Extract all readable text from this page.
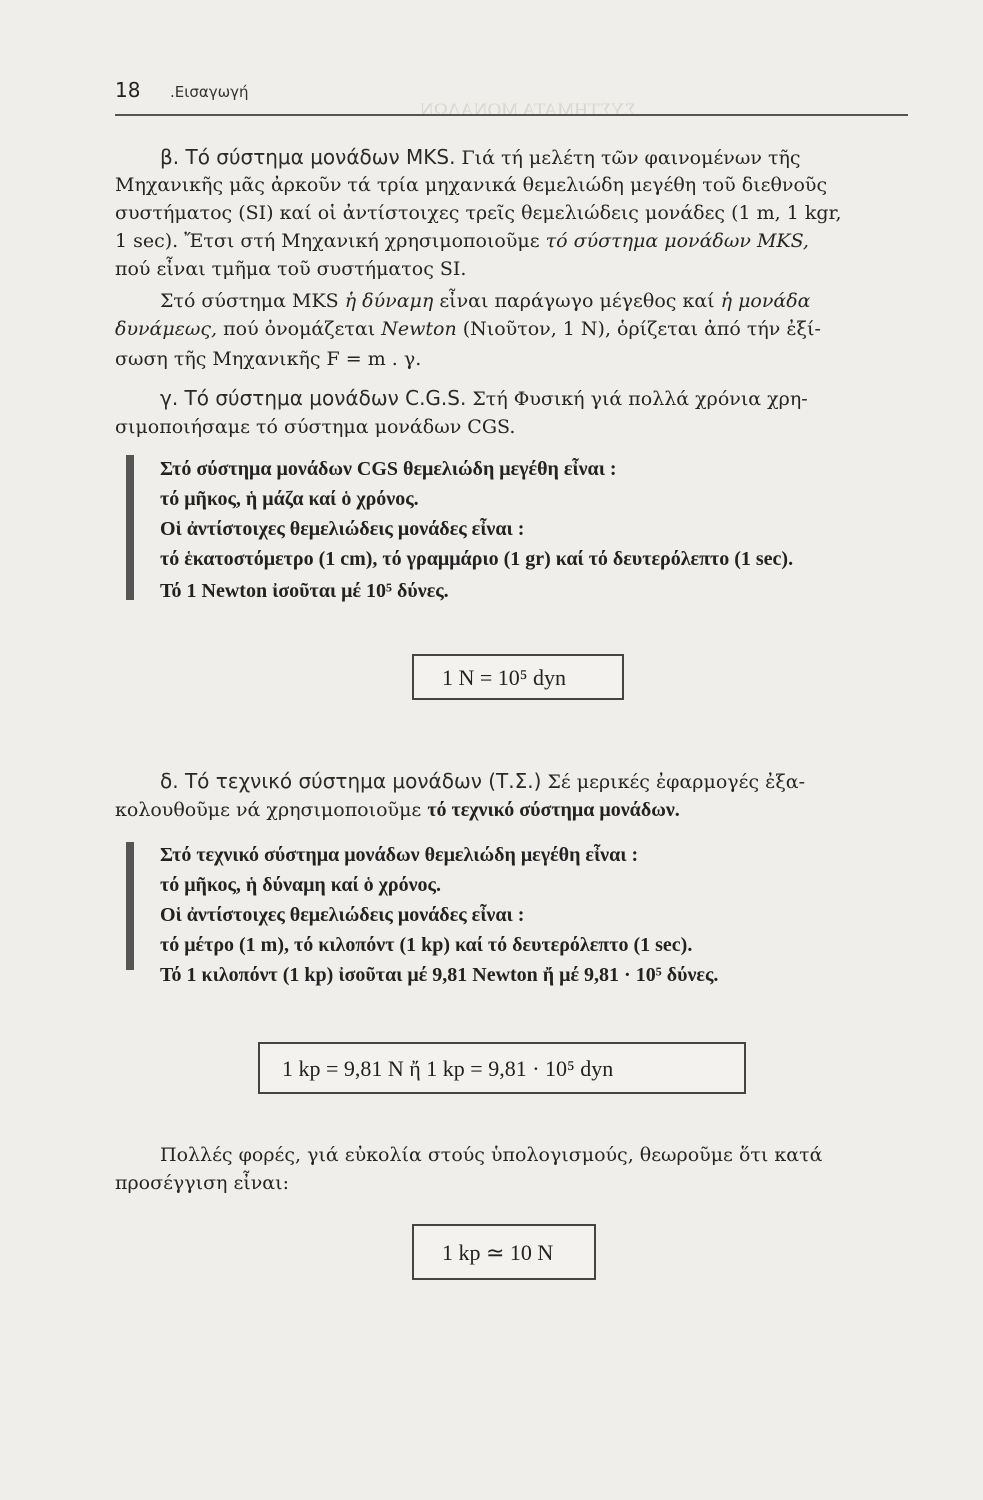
ΣΥΣΤΗΜΑΤΑ ΜΟΝΑΔΩΝ
18 .Εισαγωγή
β. Τό σύστημα μονάδων MKS. Γιά τή μελέτη τῶν φαινομένων τῆς
Μηχανικῆς μᾶς ἀρκοῦν τά τρία μηχανικά θεμελιώδη μεγέθη τοῦ διεθνοῦς
συστήματος (SI) καί οἱ ἀντίστοιχες τρεῖς θεμελιώδεις μονάδες (1 m, 1 kgr,
1 sec). Ἔτσι στή Μηχανική χρησιμοποιοῦμε τό σύστημα μονάδων MKS,
πού εἶναι τμῆμα τοῦ συστήματος SI.
Στό σύστημα MKS ἡ δύναμη εἶναι παράγωγο μέγεθος καί ἡ μονάδα
δυνάμεως, πού ὀνομάζεται Newton (Νιοῦτον, 1 N), ὁρίζεται ἀπό τήν ἐξί-
σωση τῆς Μηχανικῆς F = m . γ.
γ. Τό σύστημα μονάδων C.G.S. Στή Φυσική γιά πολλά χρόνια χρη-
σιμοποιήσαμε τό σύστημα μονάδων CGS.
Στό σύστημα μονάδων CGS θεμελιώδη μεγέθη εἶναι :
τό μῆκος, ἡ μάζα καί ὁ χρόνος.
Οἱ ἀντίστοιχες θεμελιώδεις μονάδες εἶναι :
τό ἑκατοστόμετρο (1 cm), τό γραμμάριο (1 gr) καί τό δευτερόλεπτο (1 sec).
Τό 1 Newton ἰσοῦται μέ 10⁵ δύνες.
1 N = 10⁵ dyn
δ. Τό τεχνικό σύστημα μονάδων (Τ.Σ.) Σέ μερικές ἐφαρμογές ἐξα-
κολουθοῦμε νά χρησιμοποιοῦμε τό τεχνικό σύστημα μονάδων.
Στό τεχνικό σύστημα μονάδων θεμελιώδη μεγέθη εἶναι :
τό μῆκος, ἡ δύναμη καί ὁ χρόνος.
Οἱ ἀντίστοιχες θεμελιώδεις μονάδες εἶναι :
τό μέτρο (1 m), τό κιλοπόντ (1 kp) καί τό δευτερόλεπτο (1 sec).
Τό 1 κιλοπόντ (1 kp) ἰσοῦται μέ 9,81 Newton ἤ μέ 9,81 · 10⁵ δύνες.
1 kp = 9,81 N ἤ 1 kp = 9,81 · 10⁵ dyn
Πολλές φορές, γιά εὐκολία στούς ὑπολογισμούς, θεωροῦμε ὅτι κατά
προσέγγιση εἶναι:
1 kp ≃ 10 N
